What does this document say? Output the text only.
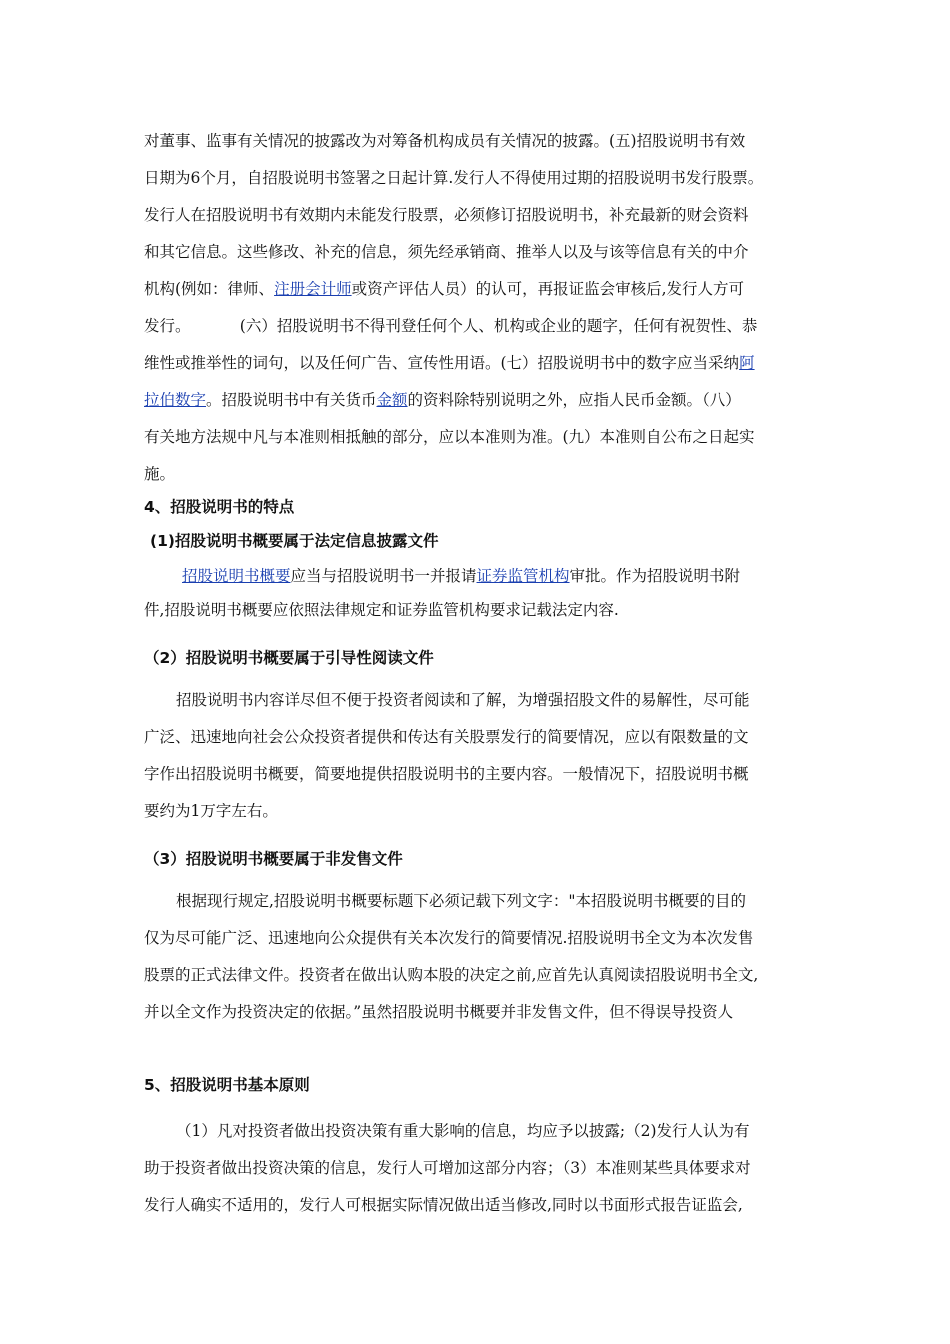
对董事、监事有关情况的披露改为对筹备机构成员有关情况的披露。(五)招股说明书有效
日期为6个月，自招股说明书签署之日起计算.发行人不得使用过期的招股说明书发行股票。
发行人在招股说明书有效期内未能发行股票，必须修订招股说明书，补充最新的财会资料
和其它信息。这些修改、补充的信息，须先经承销商、推举人以及与该等信息有关的中介
机构(例如：律师、注册会计师或资产评估人员）的认可，再报证监会审核后,发行人方可
发行。          (六）招股说明书不得刊登任何个人、机构或企业的题字，任何有祝贺性、恭
维性或推举性的词句，以及任何广告、宣传性用语。(七）招股说明书中的数字应当采纳阿
拉伯数字。招股说明书中有关货币金额的资料除特别说明之外，应指人民币金额。（八）
有关地方法规中凡与本准则相抵触的部分，应以本准则为准。(九）本准则自公布之日起实
施。
4、招股说明书的特点
(1)招股说明书概要属于法定信息披露文件
招股说明书概要应当与招股说明书一并报请证券监管机构审批。作为招股说明书附
件,招股说明书概要应依照法律规定和证券监管机构要求记载法定内容.
（2）招股说明书概要属于引导性阅读文件
招股说明书内容详尽但不便于投资者阅读和了解，为增强招股文件的易解性，尽可能
广泛、迅速地向社会公众投资者提供和传达有关股票发行的简要情况，应以有限数量的文
字作出招股说明书概要，简要地提供招股说明书的主要内容。一般情况下，招股说明书概
要约为1万字左右。
（3）招股说明书概要属于非发售文件
根据现行规定,招股说明书概要标题下必须记载下列文字："本招股说明书概要的目的
仅为尽可能广泛、迅速地向公众提供有关本次发行的简要情况.招股说明书全文为本次发售
股票的正式法律文件。投资者在做出认购本股的决定之前,应首先认真阅读招股说明书全文,
并以全文作为投资决定的依据。”虽然招股说明书概要并非发售文件，但不得误导投资人
5、招股说明书基本原则
（1）凡对投资者做出投资决策有重大影响的信息，均应予以披露;（2)发行人认为有
助于投资者做出投资决策的信息，发行人可增加这部分内容；（3）本准则某些具体要求对
发行人确实不适用的，发行人可根据实际情况做出适当修改,同时以书面形式报告证监会,
